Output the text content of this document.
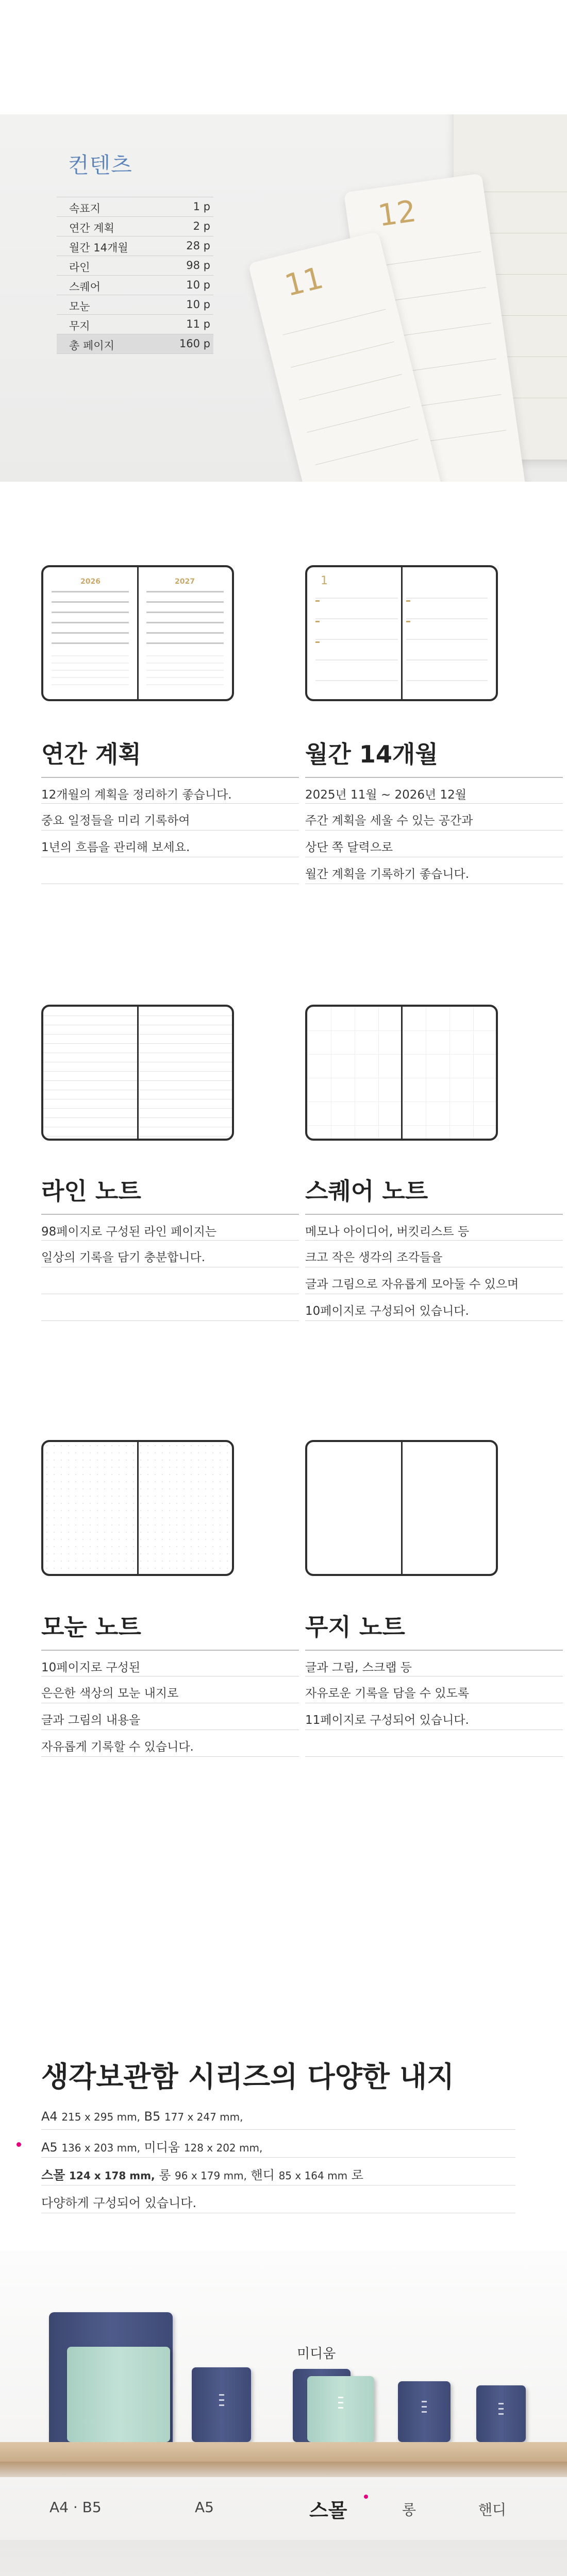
컨텐츠
속표지	1 p
연간 계획	2 p
월간 14개월	28 p
라인	98 p
스퀘어	10 p
모눈	10 p
무지	11 p
총 페이지	160 p
12
11
2026	2027	1
연간 계획	월간 14개월
12개월의 계획을 정리하기 좋습니다.
중요 일정들을 미리 기록하여
1년의 흐름을 관리해 보세요.
2025년 11월 ~ 2026년 12월
주간 계획을 세울 수 있는 공간과
상단 쪽 달력으로
월간 계획을 기록하기 좋습니다.
라인 노트	스퀘어 노트
98페이지로 구성된 라인 페이지는
일상의 기록을 담기 충분합니다.
메모나 아이디어, 버킷리스트 등
크고 작은 생각의 조각들을
글과 그림으로 자유롭게 모아둘 수 있으며
10페이지로 구성되어 있습니다.
모눈 노트	무지 노트
10페이지로 구성된
은은한 색상의 모눈 내지로
글과 그림의 내용을
자유롭게 기록할 수 있습니다.
글과 그림, 스크랩 등
자유로운 기록을 담을 수 있도록
11페이지로 구성되어 있습니다.
생각보관함 시리즈의 다양한 내지
A4 215 x 295 mm, B5 177 x 247 mm,
A5 136 x 203 mm, 미디움 128 x 202 mm,
스몰 124 x 178 mm, 롱 96 x 179 mm, 핸디 85 x 164 mm 로
다양하게 구성되어 있습니다.
미디움
A4 · B5	A5	스몰	롱	핸디
